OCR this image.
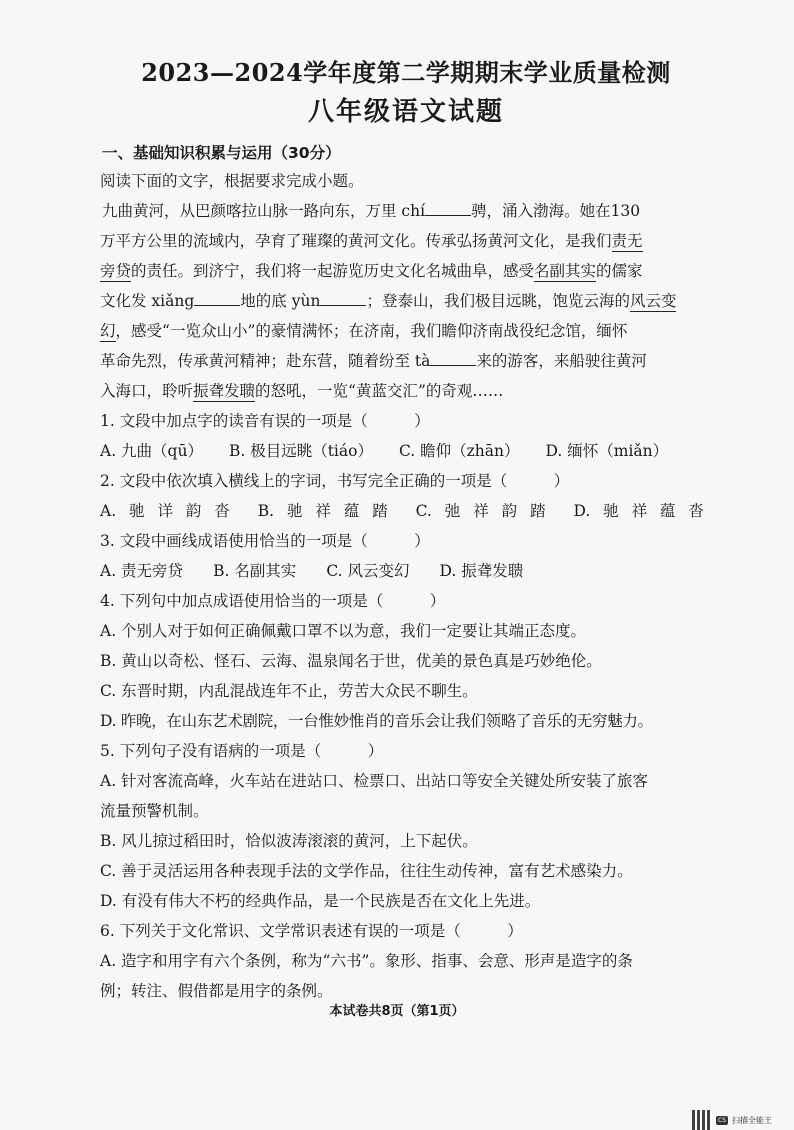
2023—2024学年度第二学期期末学业质量检测
八年级语文试题

一、基础知识积累与运用（30分）

阅读下面的文字，根据要求完成小题。

九曲黄河，从巴颜喀拉山脉一路向东，万里 chí	骋，涌入渤海。她在130

万平方公里的流域内，孕育了璀璨的黄河文化。传承弘扬黄河文化，是我们责无

旁贷的责任。到济宁，我们将一起游览历史文化名城曲阜，感受名副其实的儒家

文化发 xiǎng	地的底 yùn	；登泰山，我们极目远眺，饱览云海的风云变

幻，感受“一览众山小”的豪情满怀；在济南，我们瞻仰济南战役纪念馆，缅怀

革命先烈，传承黄河精神；赴东营，随着纷至 tà	来的游客，来船驶往黄河

入海口，聆听振聋发聩的怒吼，一览“黄蓝交汇”的奇观……

1. 文段中加点字的读音有误的一项是（　　　）

A. 九曲（qū） B. 极目远眺（tiáo） C. 瞻仰（zhān） D. 缅怀（miǎn）

2. 文段中依次填入横线上的字词，书写完全正确的一项是（　　　）

A. 驰 详 韵 沓 B. 驰 祥 蕴 踏 C. 弛 祥 韵 踏 D. 驰 祥 蕴 沓

3. 文段中画线成语使用恰当的一项是（　　　）

A. 责无旁贷 B. 名副其实 C. 风云变幻 D. 振聋发聩

4. 下列句中加点成语使用恰当的一项是（　　　）

A. 个别人对于如何正确佩戴口罩不以为意，我们一定要让其端正态度。

B. 黄山以奇松、怪石、云海、温泉闻名于世，优美的景色真是巧妙绝伦。

C. 东晋时期，内乱混战连年不止，劳苦大众民不聊生。

D. 昨晚，在山东艺术剧院，一台惟妙惟肖的音乐会让我们领略了音乐的无穷魅力。

5. 下列句子没有语病的一项是（　　　）

A. 针对客流高峰，火车站在进站口、检票口、出站口等安全关键处所安装了旅客

流量预警机制。

B. 风儿掠过稻田时，恰似波涛滚滚的黄河，上下起伏。

C. 善于灵活运用各种表现手法的文学作品，往往生动传神，富有艺术感染力。

D. 有没有伟大不朽的经典作品，是一个民族是否在文化上先进。

6. 下列关于文化常识、文学常识表述有误的一项是（　　　）

A. 造字和用字有六个条例，称为“六书”。象形、指事、会意、形声是造字的条

例；转注、假借都是用字的条例。

本试卷共8页（第1页）
CS 扫描全能王
